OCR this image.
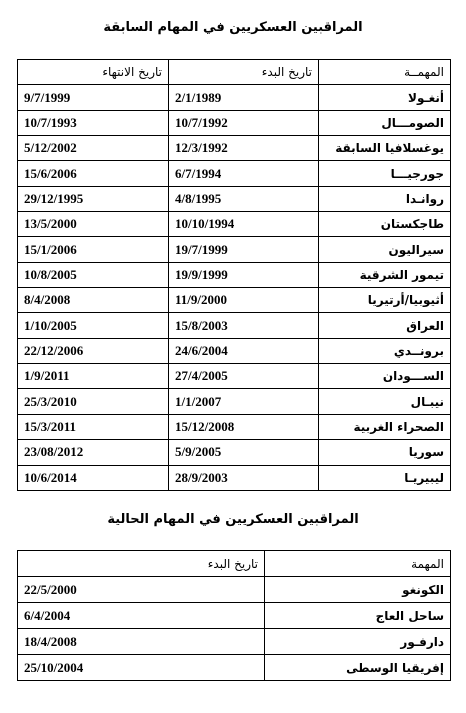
المراقبين العسكريين في المهام السابقة
المهمــة	تاريخ البدء	تاريخ الانتهاء
أنغـولا	2/1/1989	9/7/1999
الصومـــال	10/7/1992	10/7/1993
يوغسلافيا السابقة	12/3/1992	5/12/2002
جورجيـــا	6/7/1994	15/6/2006
روانـدا	4/8/1995	29/12/1995
طاجكستان	10/10/1994	13/5/2000
سيراليون	19/7/1999	15/1/2006
تيمور الشرقية	19/9/1999	10/8/2005
أثيوبيا/أرتيريا	11/9/2000	8/4/2008
العراق	15/8/2003	1/10/2005
برونــدي	24/6/2004	22/12/2006
الســـودان	27/4/2005	1/9/2011
نيبـال	1/1/2007	25/3/2010
الصحراء الغربية	15/12/2008	15/3/2011
سوريا	5/9/2005	23/08/2012
ليبيريـا	28/9/2003	10/6/2014
المراقبين العسكريين في المهام الحالية
المهمة	تاريخ البدء
الكونغو	22/5/2000
ساحل العاج	6/4/2004
دارفـور	18/4/2008
إفريقيا الوسطى	25/10/2004
